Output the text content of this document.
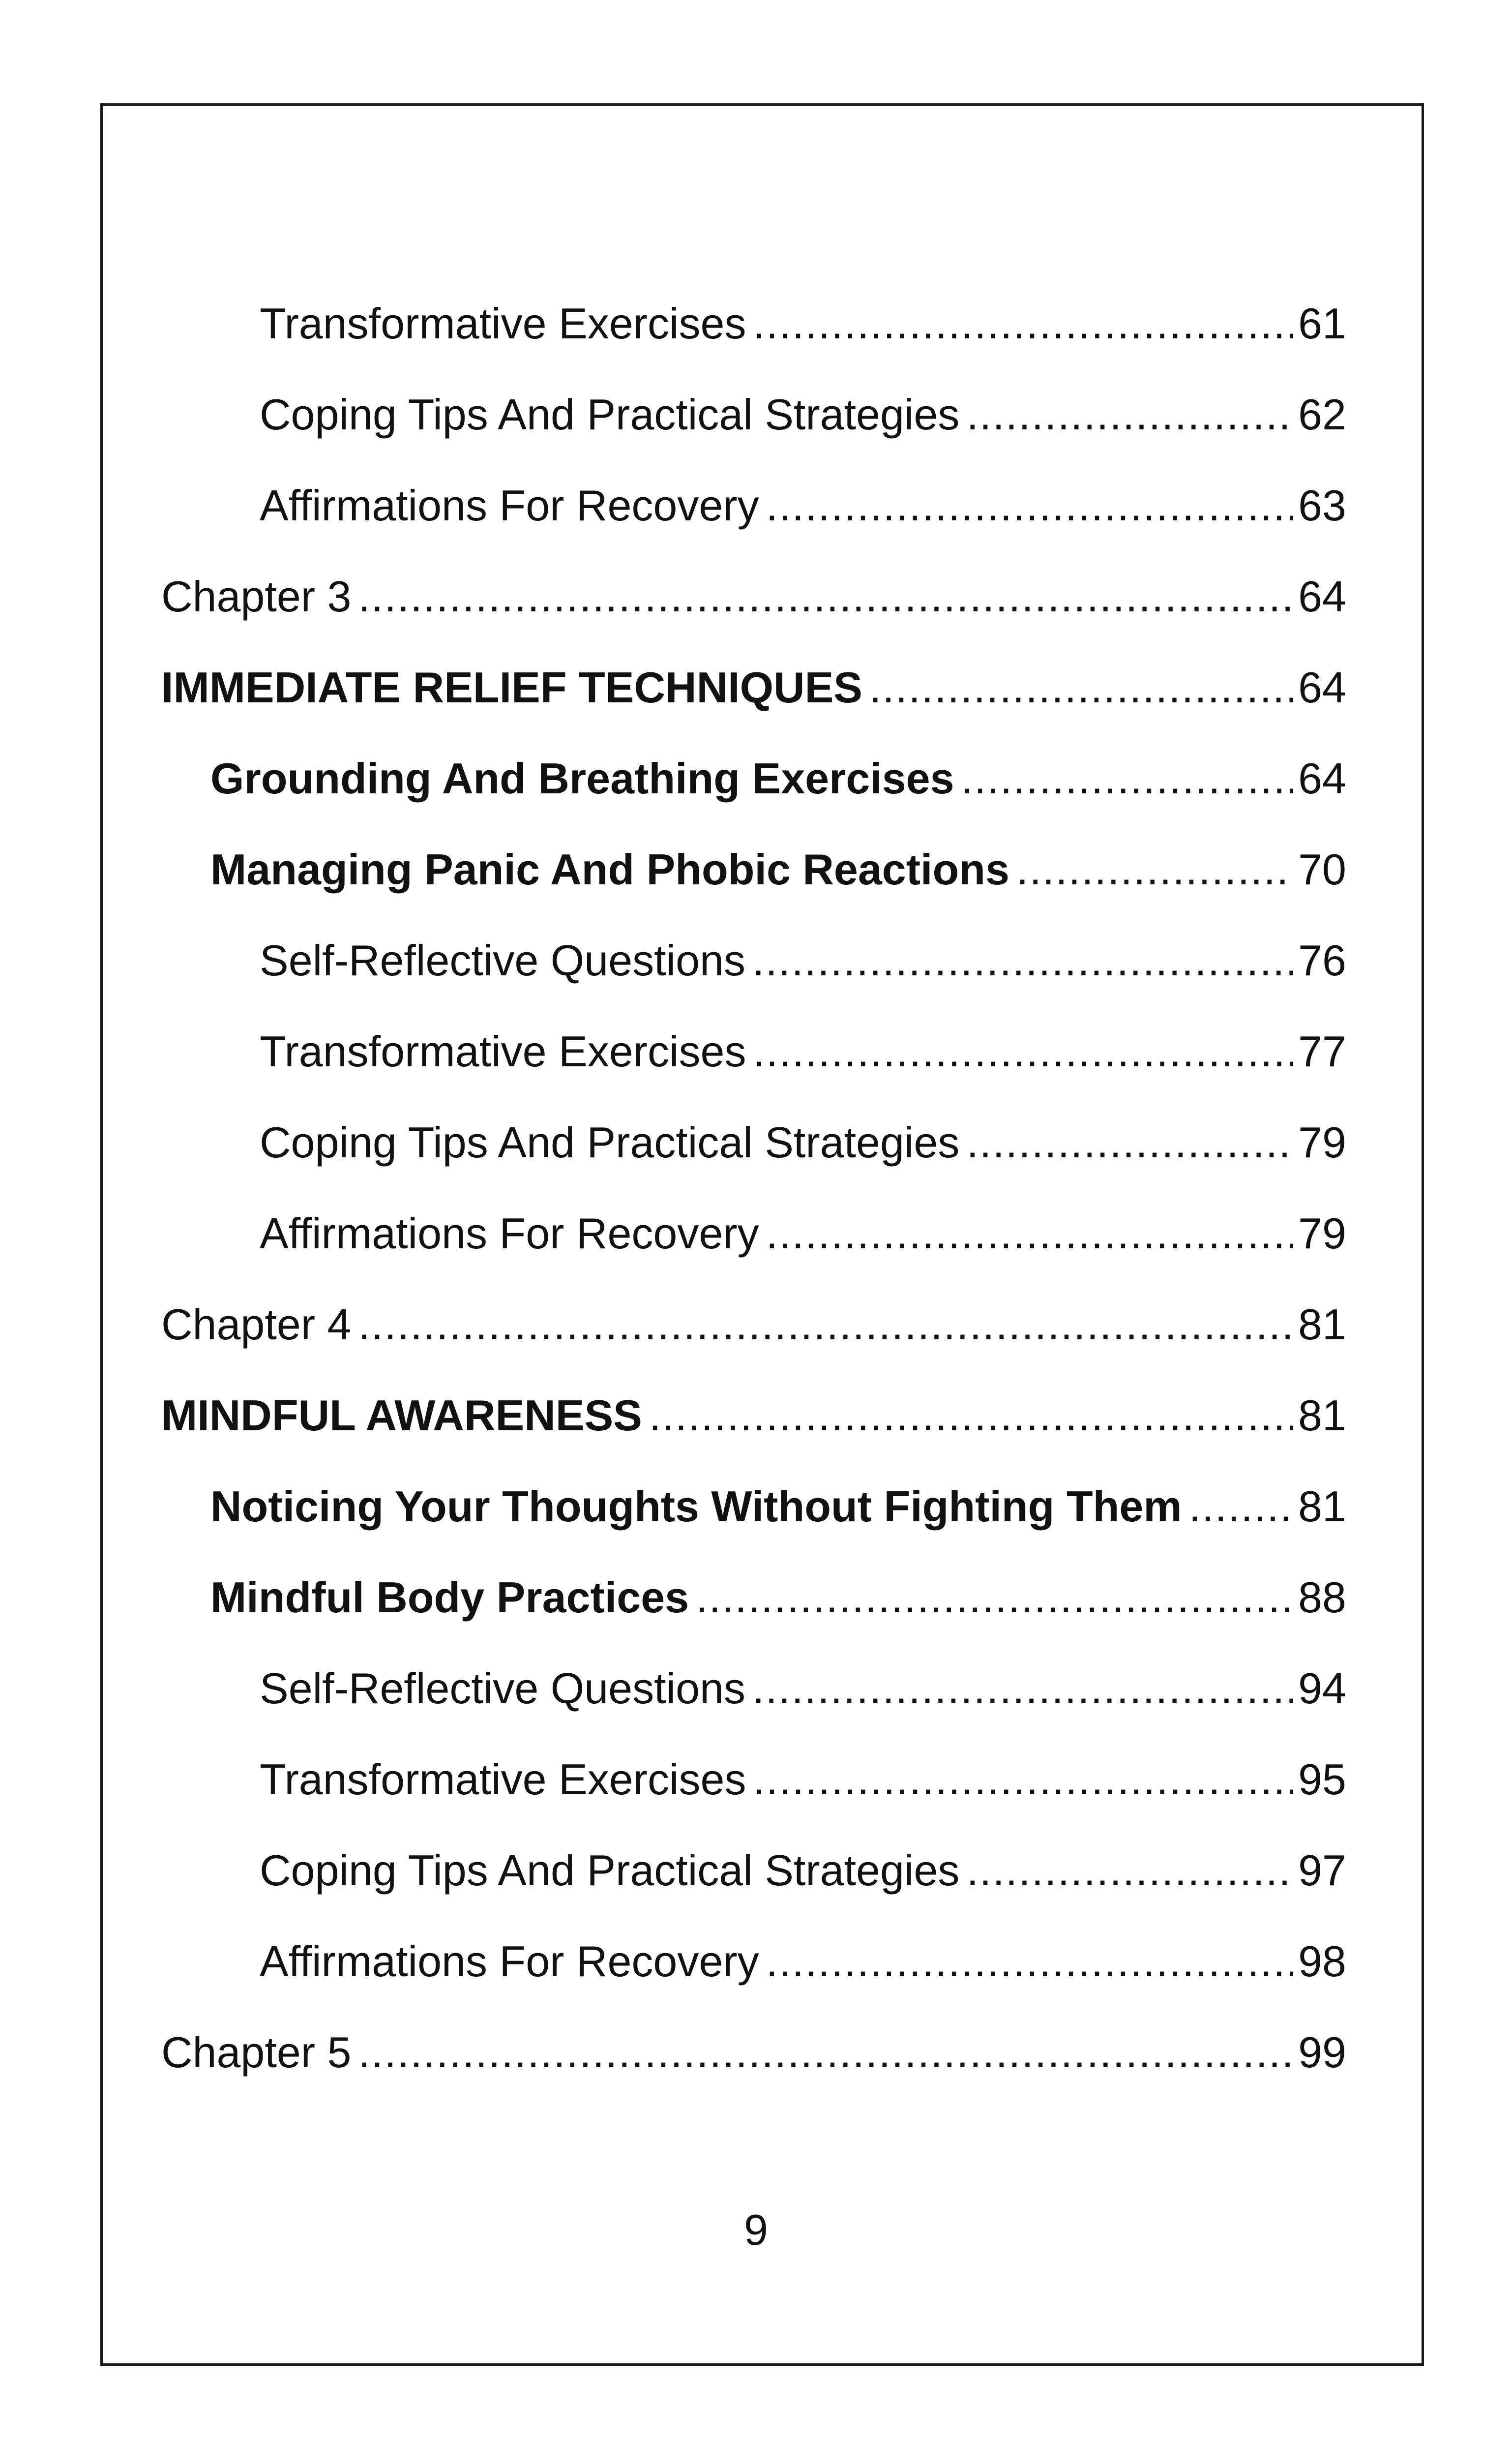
Transformative Exercises .....	61
Coping Tips And Practical Strategies .....	62
Affirmations For Recovery .....	63
Chapter 3 .....	64
IMMEDIATE RELIEF TECHNIQUES .....	64
Grounding And Breathing Exercises .....	64
Managing Panic And Phobic Reactions .....	70
Self-Reflective Questions .....	76
Transformative Exercises .....	77
Coping Tips And Practical Strategies .....	79
Affirmations For Recovery .....	79
Chapter 4 .....	81
MINDFUL AWARENESS .....	81
Noticing Your Thoughts Without Fighting Them .....	81
Mindful Body Practices .....	88
Self-Reflective Questions .....	94
Transformative Exercises .....	95
Coping Tips And Practical Strategies .....	97
Affirmations For Recovery .....	98
Chapter 5 .....	99
9
